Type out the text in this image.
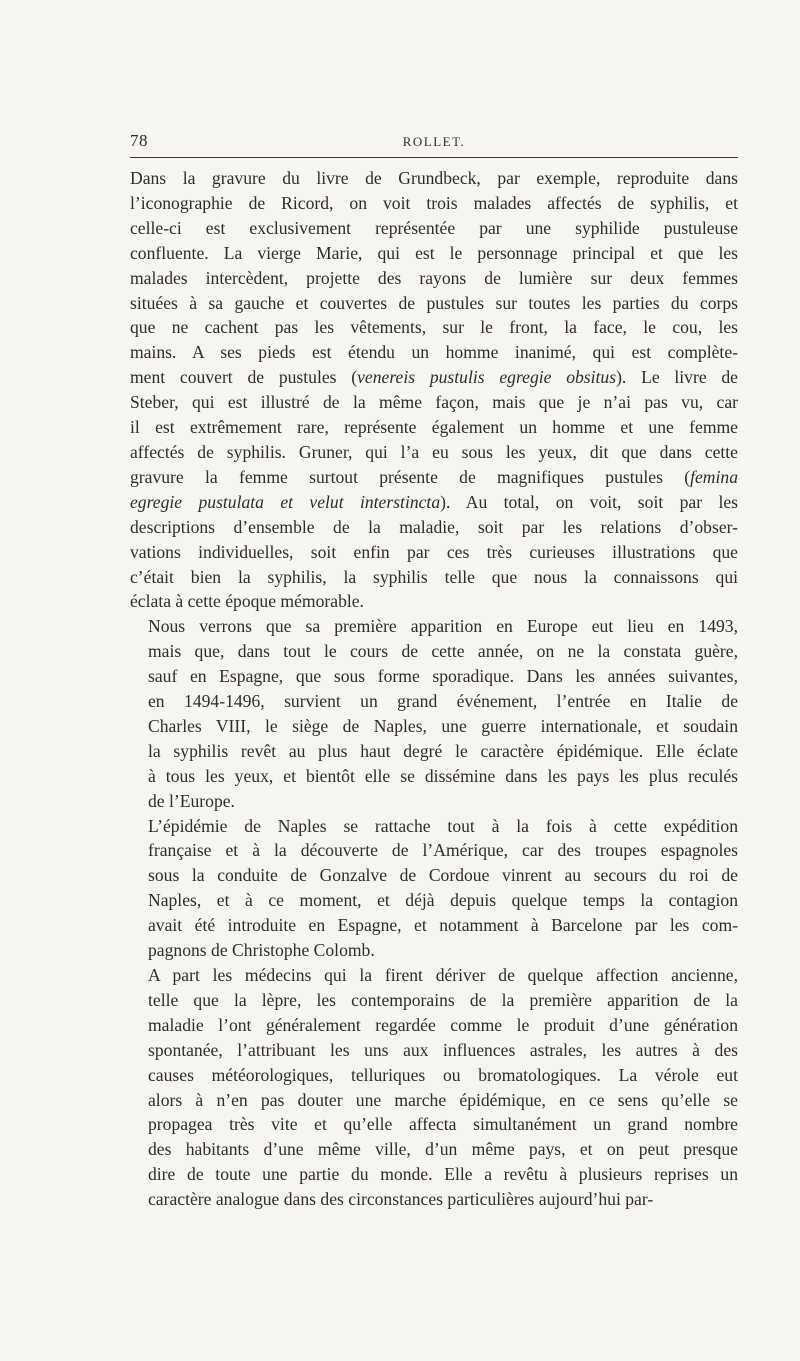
78	ROLLET.
Dans la gravure du livre de Grundbeck, par exemple, reproduite dans
l’iconographie de Ricord, on voit trois malades affectés de syphilis, et
celle-ci est exclusivement représentée par une syphilide pustuleuse
confluente. La vierge Marie, qui est le personnage principal et que les
malades intercèdent, projette des rayons de lumière sur deux femmes
situées à sa gauche et couvertes de pustules sur toutes les parties du corps
que ne cachent pas les vêtements, sur le front, la face, le cou, les
mains. A ses pieds est étendu un homme inanimé, qui est complète-
ment couvert de pustules (venereis pustulis egregie obsitus). Le livre de
Steber, qui est illustré de la même façon, mais que je n’ai pas vu, car
il est extrêmement rare, représente également un homme et une femme
affectés de syphilis. Gruner, qui l’a eu sous les yeux, dit que dans cette
gravure la femme surtout présente de magnifiques pustules (femina
egregie pustulata et velut interstincta). Au total, on voit, soit par les
descriptions d’ensemble de la maladie, soit par les relations d’obser-
vations individuelles, soit enfin par ces très curieuses illustrations que
c’était bien la syphilis, la syphilis telle que nous la connaissons qui
éclata à cette époque mémorable.
Nous verrons que sa première apparition en Europe eut lieu en 1493,
mais que, dans tout le cours de cette année, on ne la constata guère,
sauf en Espagne, que sous forme sporadique. Dans les années suivantes,
en 1494-1496, survient un grand événement, l’entrée en Italie de
Charles VIII, le siège de Naples, une guerre internationale, et soudain
la syphilis revêt au plus haut degré le caractère épidémique. Elle éclate
à tous les yeux, et bientôt elle se dissémine dans les pays les plus reculés
de l’Europe.
L’épidémie de Naples se rattache tout à la fois à cette expédition
française et à la découverte de l’Amérique, car des troupes espagnoles
sous la conduite de Gonzalve de Cordoue vinrent au secours du roi de
Naples, et à ce moment, et déjà depuis quelque temps la contagion
avait été introduite en Espagne, et notamment à Barcelone par les com-
pagnons de Christophe Colomb.
A part les médecins qui la firent dériver de quelque affection ancienne,
telle que la lèpre, les contemporains de la première apparition de la
maladie l’ont généralement regardée comme le produit d’une génération
spontanée, l’attribuant les uns aux influences astrales, les autres à des
causes météorologiques, telluriques ou bromatologiques. La vérole eut
alors à n’en pas douter une marche épidémique, en ce sens qu’elle se
propagea très vite et qu’elle affecta simultanément un grand nombre
des habitants d’une même ville, d’un même pays, et on peut presque
dire de toute une partie du monde. Elle a revêtu à plusieurs reprises un
caractère analogue dans des circonstances particulières aujourd’hui par-
